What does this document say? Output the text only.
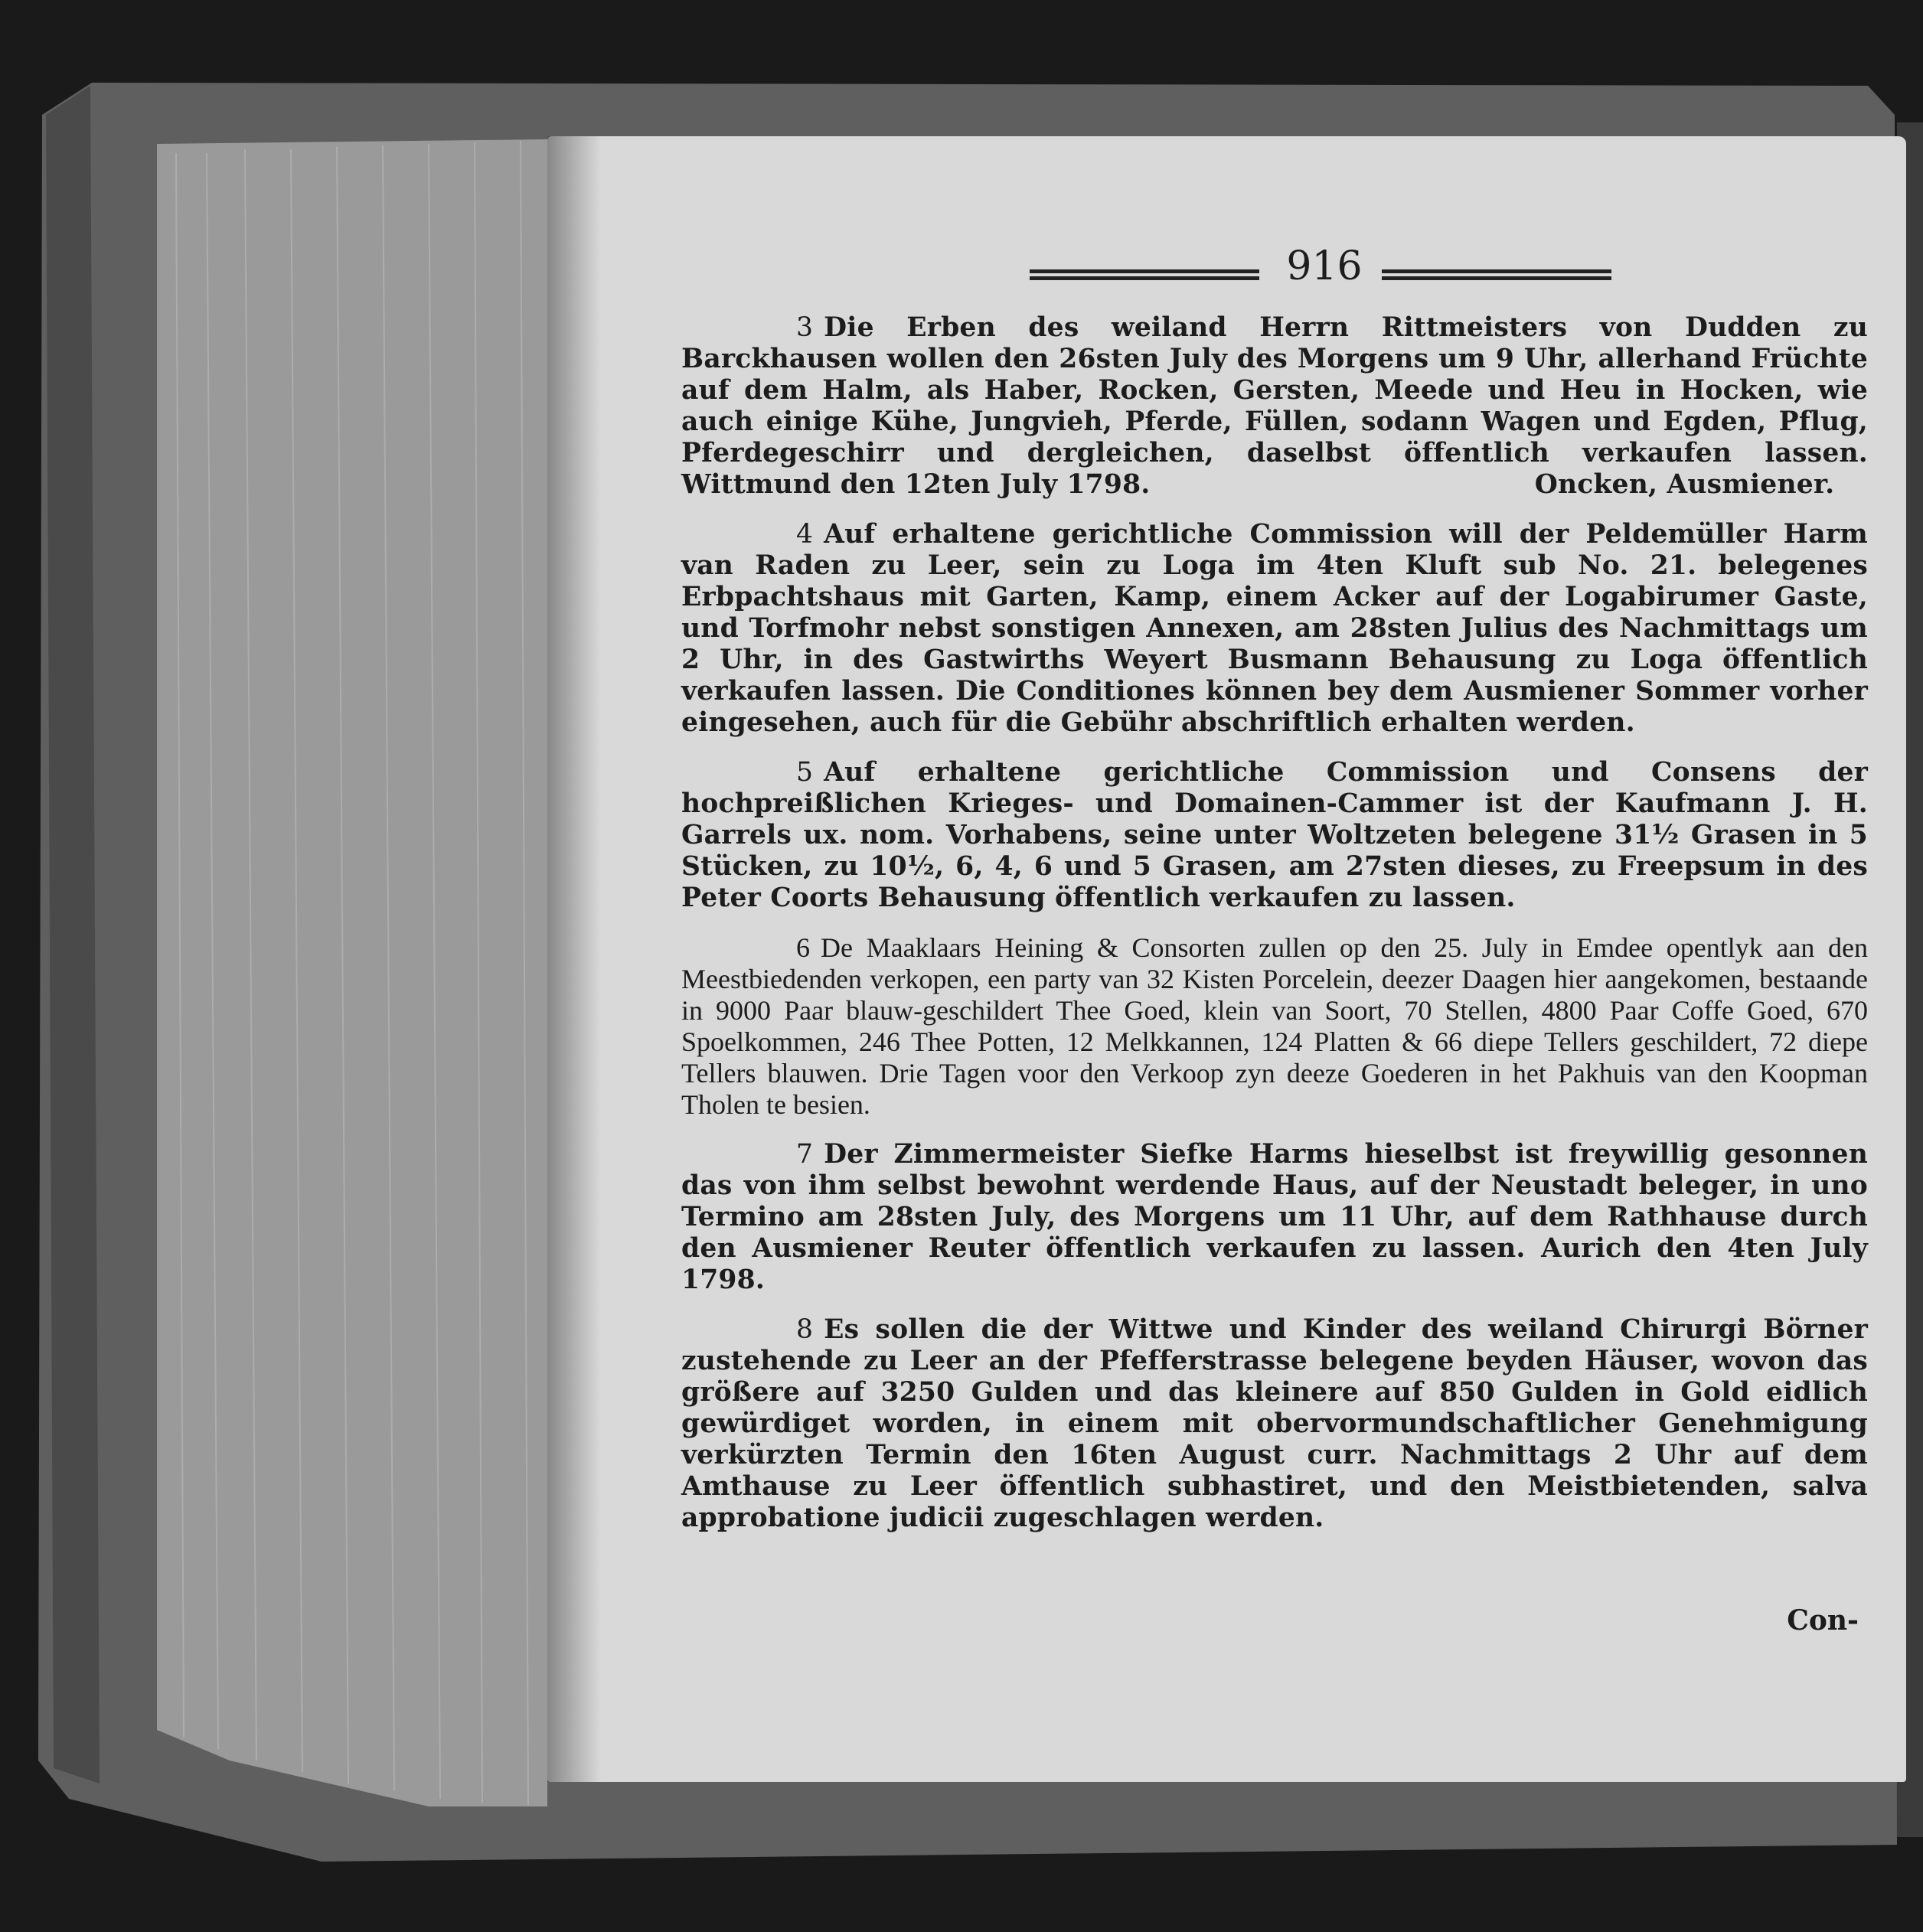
916

3 Die Erben des weiland Herrn Rittmeisters von Dudden zu Barckhausen wollen den 26sten July des Morgens um 9 Uhr, allerhand Früchte auf dem Halm, als Haber, Rocken, Gersten, Meede und Heu in Hocken, wie auch einige Kühe, Jungvieh, Pferde, Füllen, sodann Wagen und Egden, Pflug, Pferdegeschirr und dergleichen, daselbst öffentlich verkaufen lassen. Wittmund den 12ten July 1798.	Oncken, Ausmiener.

4 Auf erhaltene gerichtliche Commission will der Peldemüller Harm van Raden zu Leer, sein zu Loga im 4ten Kluft sub No. 21. belegenes Erbpachtshaus mit Garten, Kamp, einem Acker auf der Logabirumer Gaste, und Torfmohr nebst sonstigen Annexen, am 28sten Julius des Nachmittags um 2 Uhr, in des Gastwirths Weyert Busmann Behausung zu Loga öffentlich verkaufen lassen. Die Conditiones können bey dem Ausmiener Sommer vorher eingesehen, auch für die Gebühr abschriftlich erhalten werden.

5 Auf erhaltene gerichtliche Commission und Consens der hochpreißlichen Krieges- und Domainen-Cammer ist der Kaufmann J. H. Garrels ux. nom. Vorhabens, seine unter Woltzeten belegene 31½ Grasen in 5 Stücken, zu 10½, 6, 4, 6 und 5 Grasen, am 27sten dieses, zu Freepsum in des Peter Coorts Behausung öffentlich verkaufen zu lassen.

6 De Maaklaars Heining & Consorten zullen op den 25. July in Emdee opentlyk aan den Meestbiedenden verkopen, een party van 32 Kisten Porcelein, deezer Daagen hier aangekomen, bestaande in 9000 Paar blauw-geschildert Thee Goed, klein van Soort, 70 Stellen, 4800 Paar Coffe Goed, 670 Spoelkommen, 246 Thee Potten, 12 Melkkannen, 124 Platten & 66 diepe Tellers geschildert, 72 diepe Tellers blauwen. Drie Tagen voor den Verkoop zyn deeze Goederen in het Pakhuis van den Koopman Tholen te besien.

7 Der Zimmermeister Siefke Harms hieselbst ist freywillig gesonnen das von ihm selbst bewohnt werdende Haus, auf der Neustadt beleger, in uno Termino am 28sten July, des Morgens um 11 Uhr, auf dem Rathhause durch den Ausmiener Reuter öffentlich verkaufen zu lassen. Aurich den 4ten July 1798.

8 Es sollen die der Wittwe und Kinder des weiland Chirurgi Börner zustehende zu Leer an der Pfefferstrasse belegene beyden Häuser, wovon das größere auf 3250 Gulden und das kleinere auf 850 Gulden in Gold eidlich gewürdiget worden, in einem mit obervormundschaftlicher Genehmigung verkürzten Termin den 16ten August curr. Nachmittags 2 Uhr auf dem Amthause zu Leer öffentlich subhastiret, und den Meistbietenden, salva approbatione judicii zugeschlagen werden.

Con-
